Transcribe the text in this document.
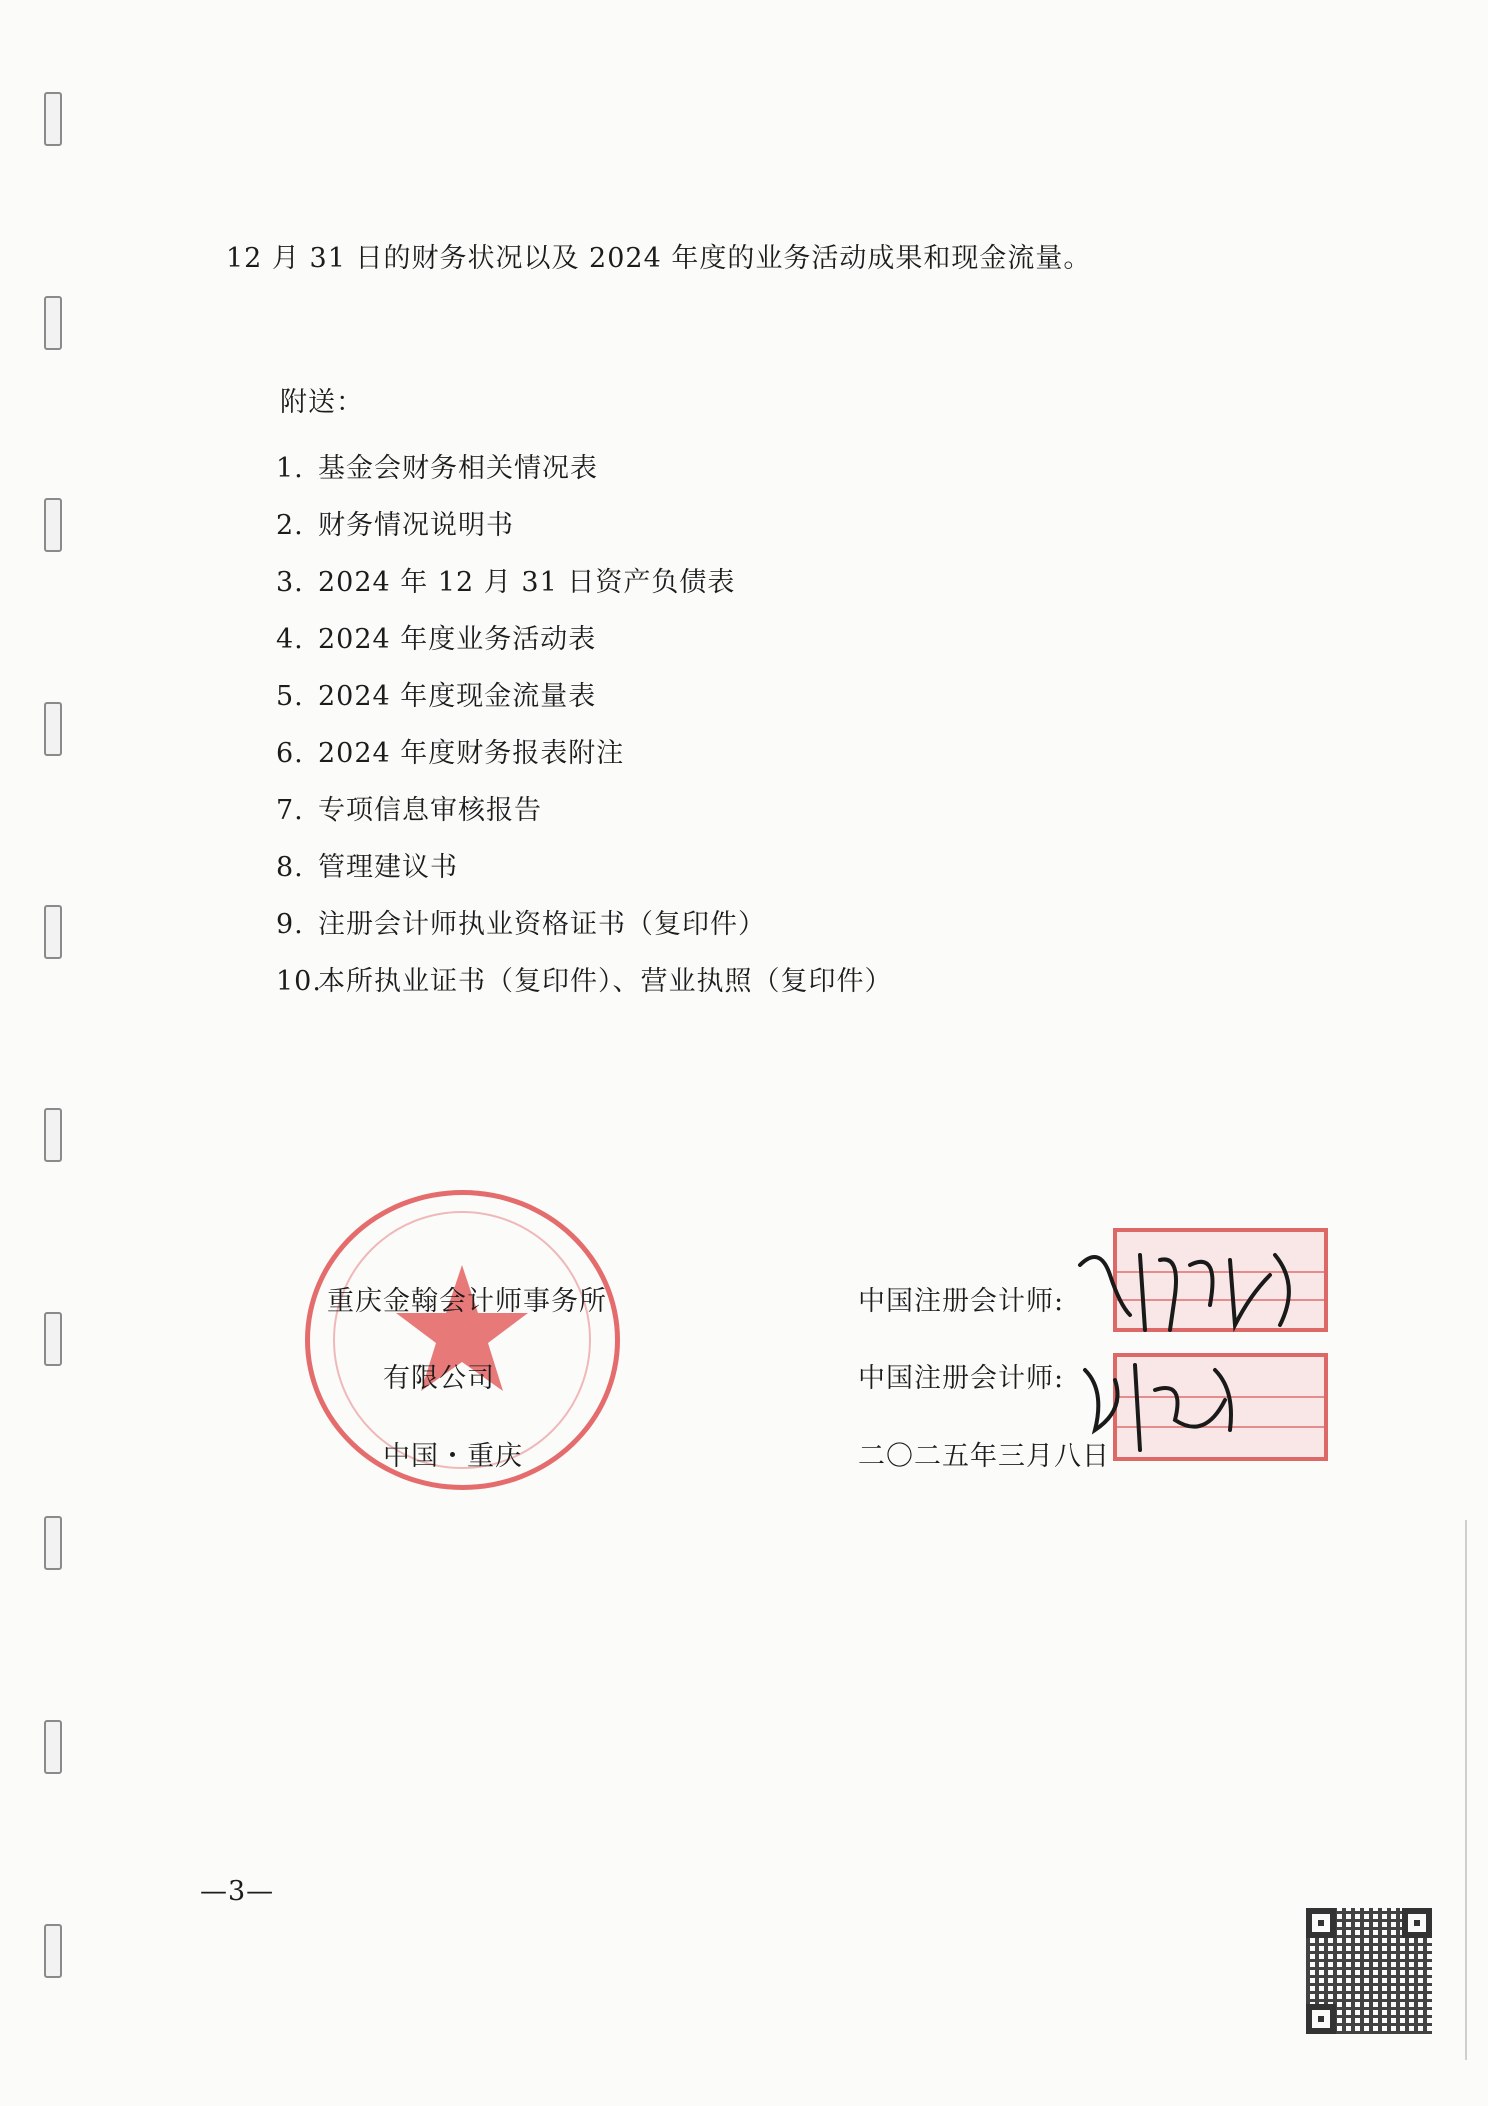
12 月 31 日的财务状况以及 2024 年度的业务活动成果和现金流量。
附送：
1. 基金会财务相关情况表
2. 财务情况说明书
3. 2024 年 12 月 31 日资产负债表
4. 2024 年度业务活动表
5. 2024 年度现金流量表
6. 2024 年度财务报表附注
7. 专项信息审核报告
8. 管理建议书
9. 注册会计师执业资格证书（复印件）
10.本所执业证书（复印件）、营业执照（复印件）
重庆金翰会计师事务所
有限公司
中国・重庆
中国注册会计师:
中国注册会计师:
二〇二五年三月八日
—3—
